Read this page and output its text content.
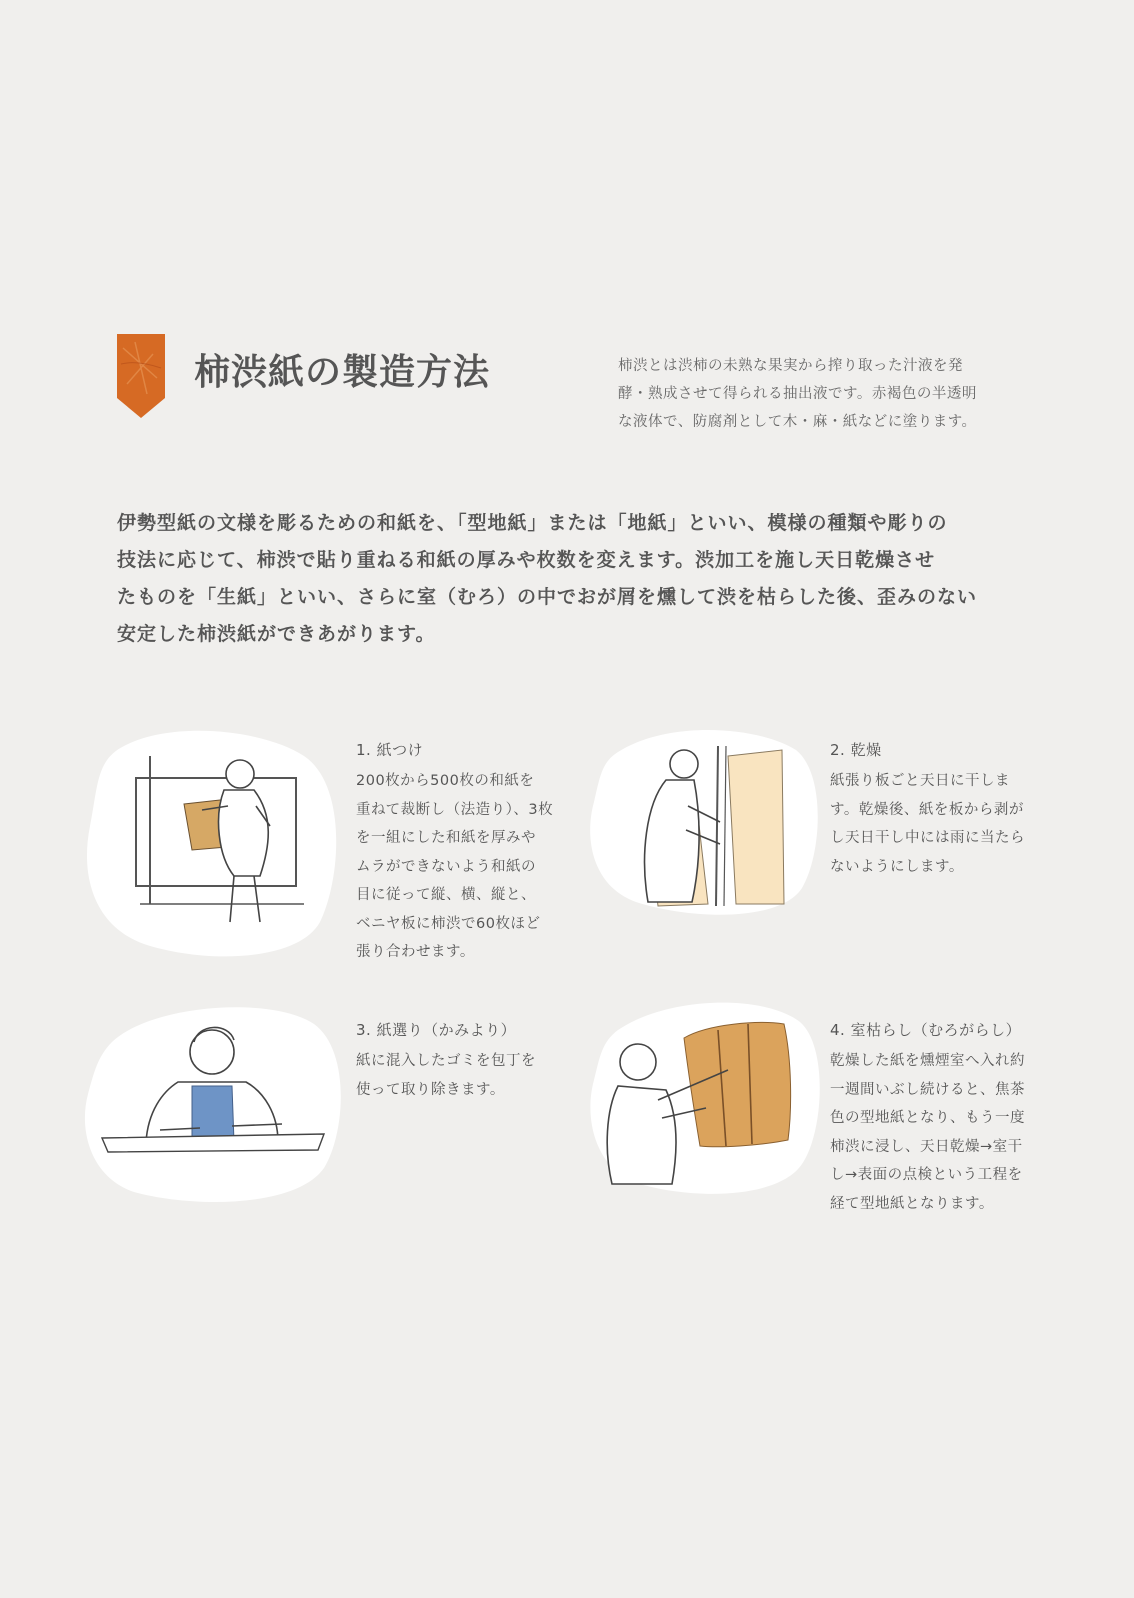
柿渋紙の製造方法	柿渋とは渋柿の未熟な果実から搾り取った汁液を発
酵・熟成させて得られる抽出液です。赤褐色の半透明
な液体で、防腐剤として木・麻・紙などに塗ります。
伊勢型紙の文様を彫るための和紙を、「型地紙」または「地紙」といい、模様の種類や彫りの
技法に応じて、柿渋で貼り重ねる和紙の厚みや枚数を変えます。渋加工を施し天日乾燥させ
たものを「生紙」といい、さらに室（むろ）の中でおが屑を燻して渋を枯らした後、歪みのない
安定した柿渋紙ができあがります。
1. 紙つけ
200枚から500枚の和紙を
重ねて裁断し（法造り）、3枚
を一組にした和紙を厚みや
ムラができないよう和紙の
目に従って縦、横、縦と、
ベニヤ板に柿渋で60枚ほど
張り合わせます。
2. 乾燥
紙張り板ごと天日に干しま
す。乾燥後、紙を板から剥が
し天日干し中には雨に当たら
ないようにします。
3. 紙選り（かみより）
紙に混入したゴミを包丁を
使って取り除きます。
4. 室枯らし（むろがらし）
乾燥した紙を燻煙室へ入れ約
一週間いぶし続けると、焦茶
色の型地紙となり、もう一度
柿渋に浸し、天日乾燥→室干
し→表面の点検という工程を
経て型地紙となります。
